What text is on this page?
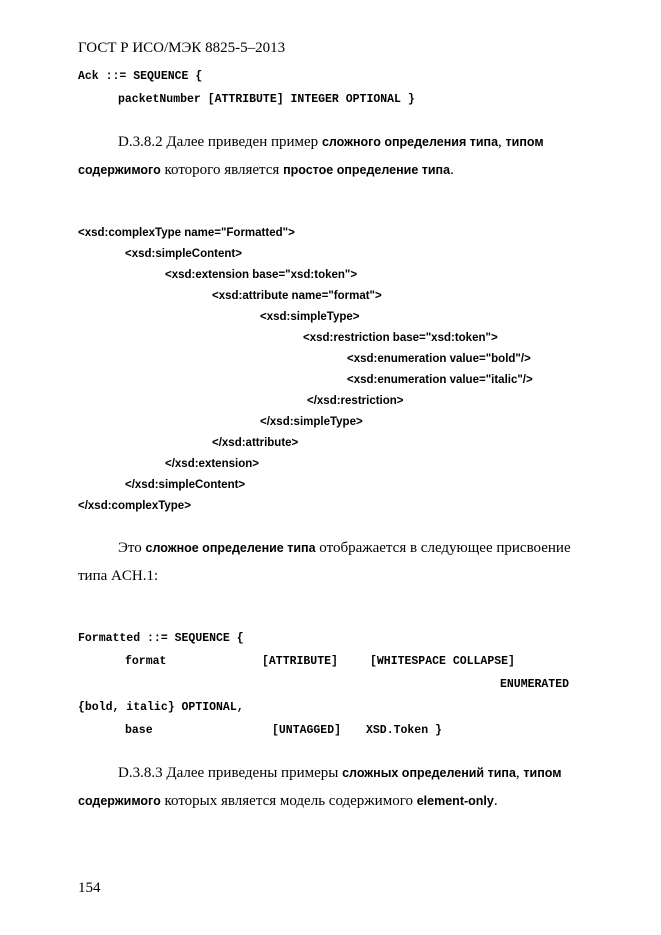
ГОСТ Р ИСО/МЭК 8825-5–2013
Ack ::= SEQUENCE {
packetNumber [ATTRIBUTE] INTEGER OPTIONAL }
D.3.8.2 Далее приведен пример сложного определения типа, типом
содержимого которого является простое определение типа.
<xsd:complexType name="Formatted">
<xsd:simpleContent>
<xsd:extension base="xsd:token">
<xsd:attribute name="format">
<xsd:simpleType>
<xsd:restriction base="xsd:token">
<xsd:enumeration value="bold"/>
<xsd:enumeration value="italic"/>
</xsd:restriction>
</xsd:simpleType>
</xsd:attribute>
</xsd:extension>
</xsd:simpleContent>
</xsd:complexType>
Это сложное определение типа отображается в следующее присвоение
типа ACH.1:
Formatted ::= SEQUENCE {
format	[ATTRIBUTE]	[WHITESPACE COLLAPSE]
ENUMERATED
{bold, italic} OPTIONAL,
base	[UNTAGGED] XSD.Token }
D.3.8.3 Далее приведены примеры сложных определений типа, типом
содержимого которых является модель содержимого element-only.
154
